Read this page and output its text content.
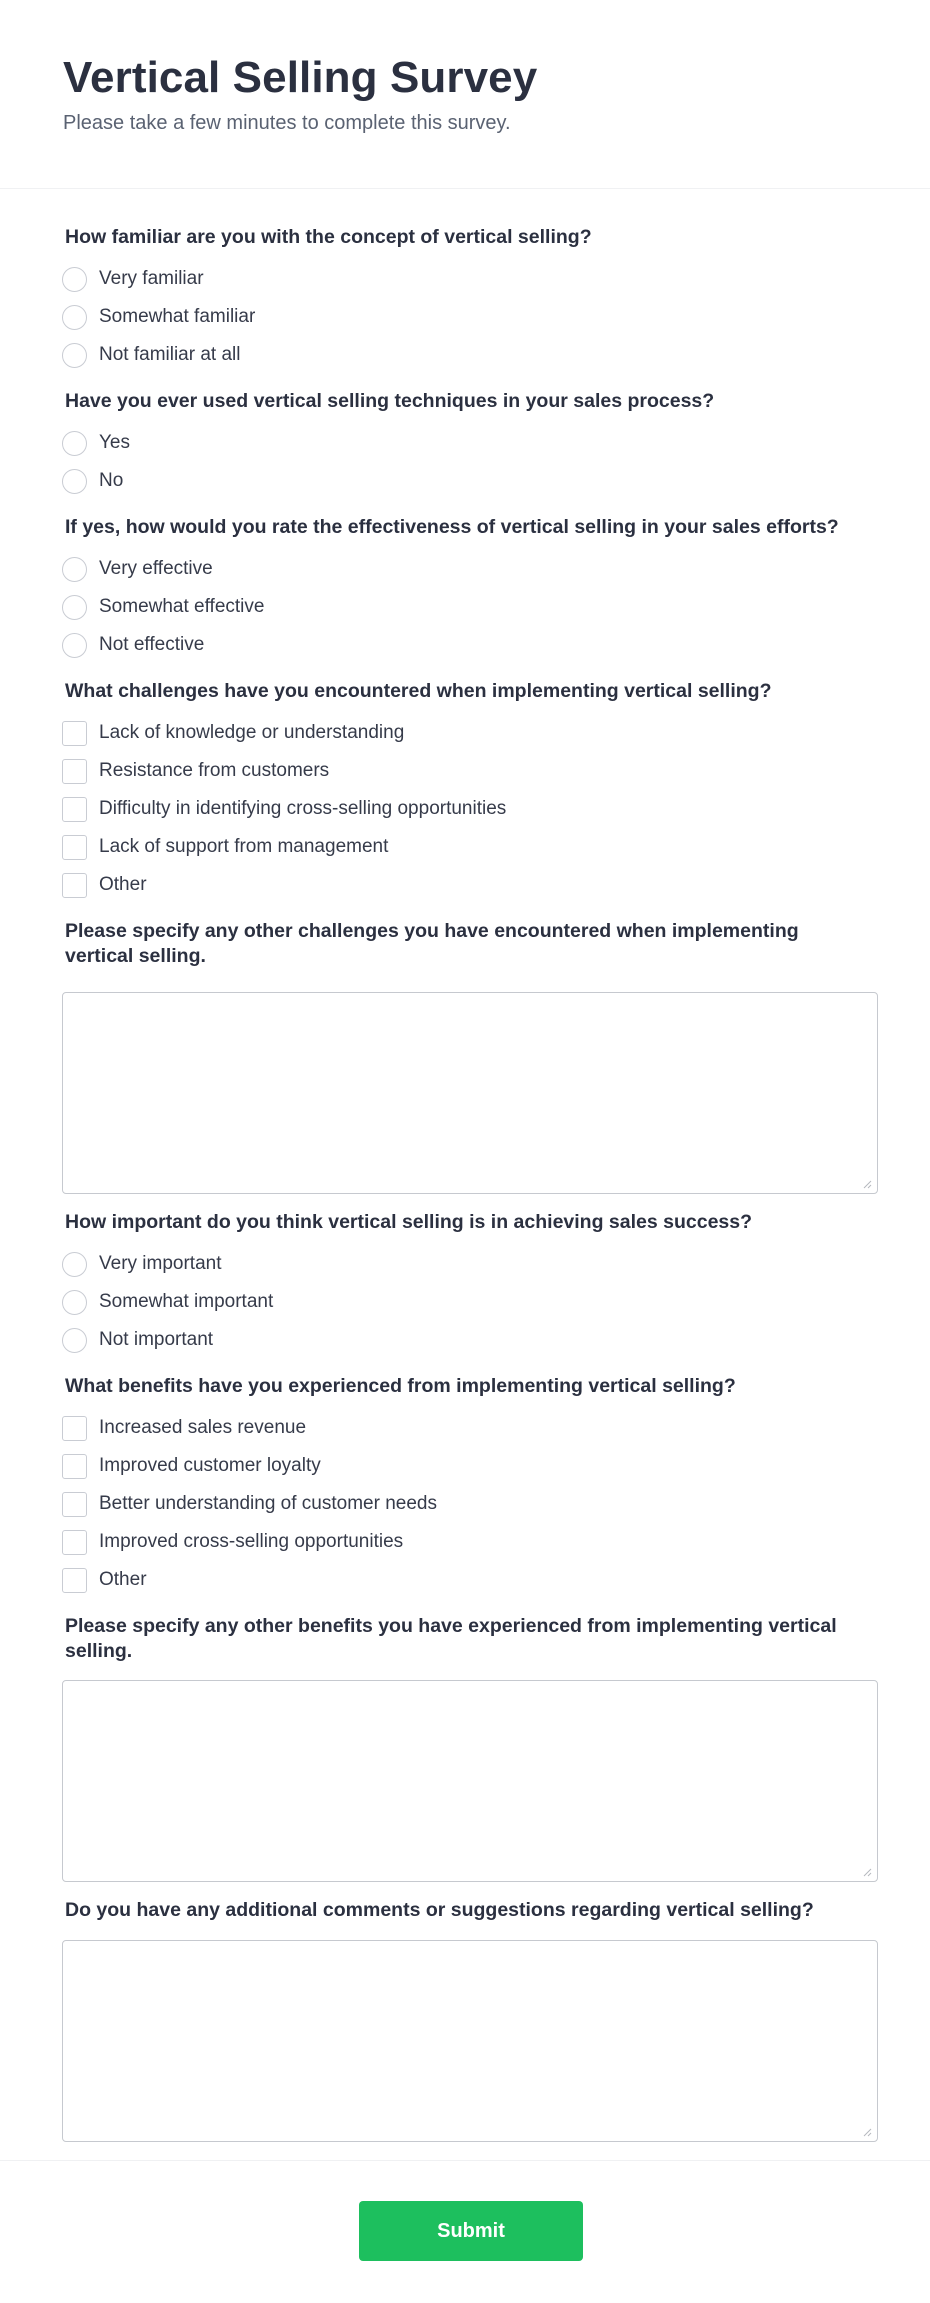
Vertical Selling Survey

Please take a few minutes to complete this survey.

How familiar are you with the concept of vertical selling?
Very familiar
Somewhat familiar
Not familiar at all
Have you ever used vertical selling techniques in your sales process?
Yes
No
If yes, how would you rate the effectiveness of vertical selling in your sales efforts?
Very effective
Somewhat effective
Not effective
What challenges have you encountered when implementing vertical selling?
Lack of knowledge or understanding
Resistance from customers
Difficulty in identifying cross-selling opportunities
Lack of support from management
Other
Please specify any other challenges you have encountered when implementing vertical selling.
How important do you think vertical selling is in achieving sales success?
Very important
Somewhat important
Not important
What benefits have you experienced from implementing vertical selling?
Increased sales revenue
Improved customer loyalty
Better understanding of customer needs
Improved cross-selling opportunities
Other
Please specify any other benefits you have experienced from implementing vertical selling.
Do you have any additional comments or suggestions regarding vertical selling?
Submit
